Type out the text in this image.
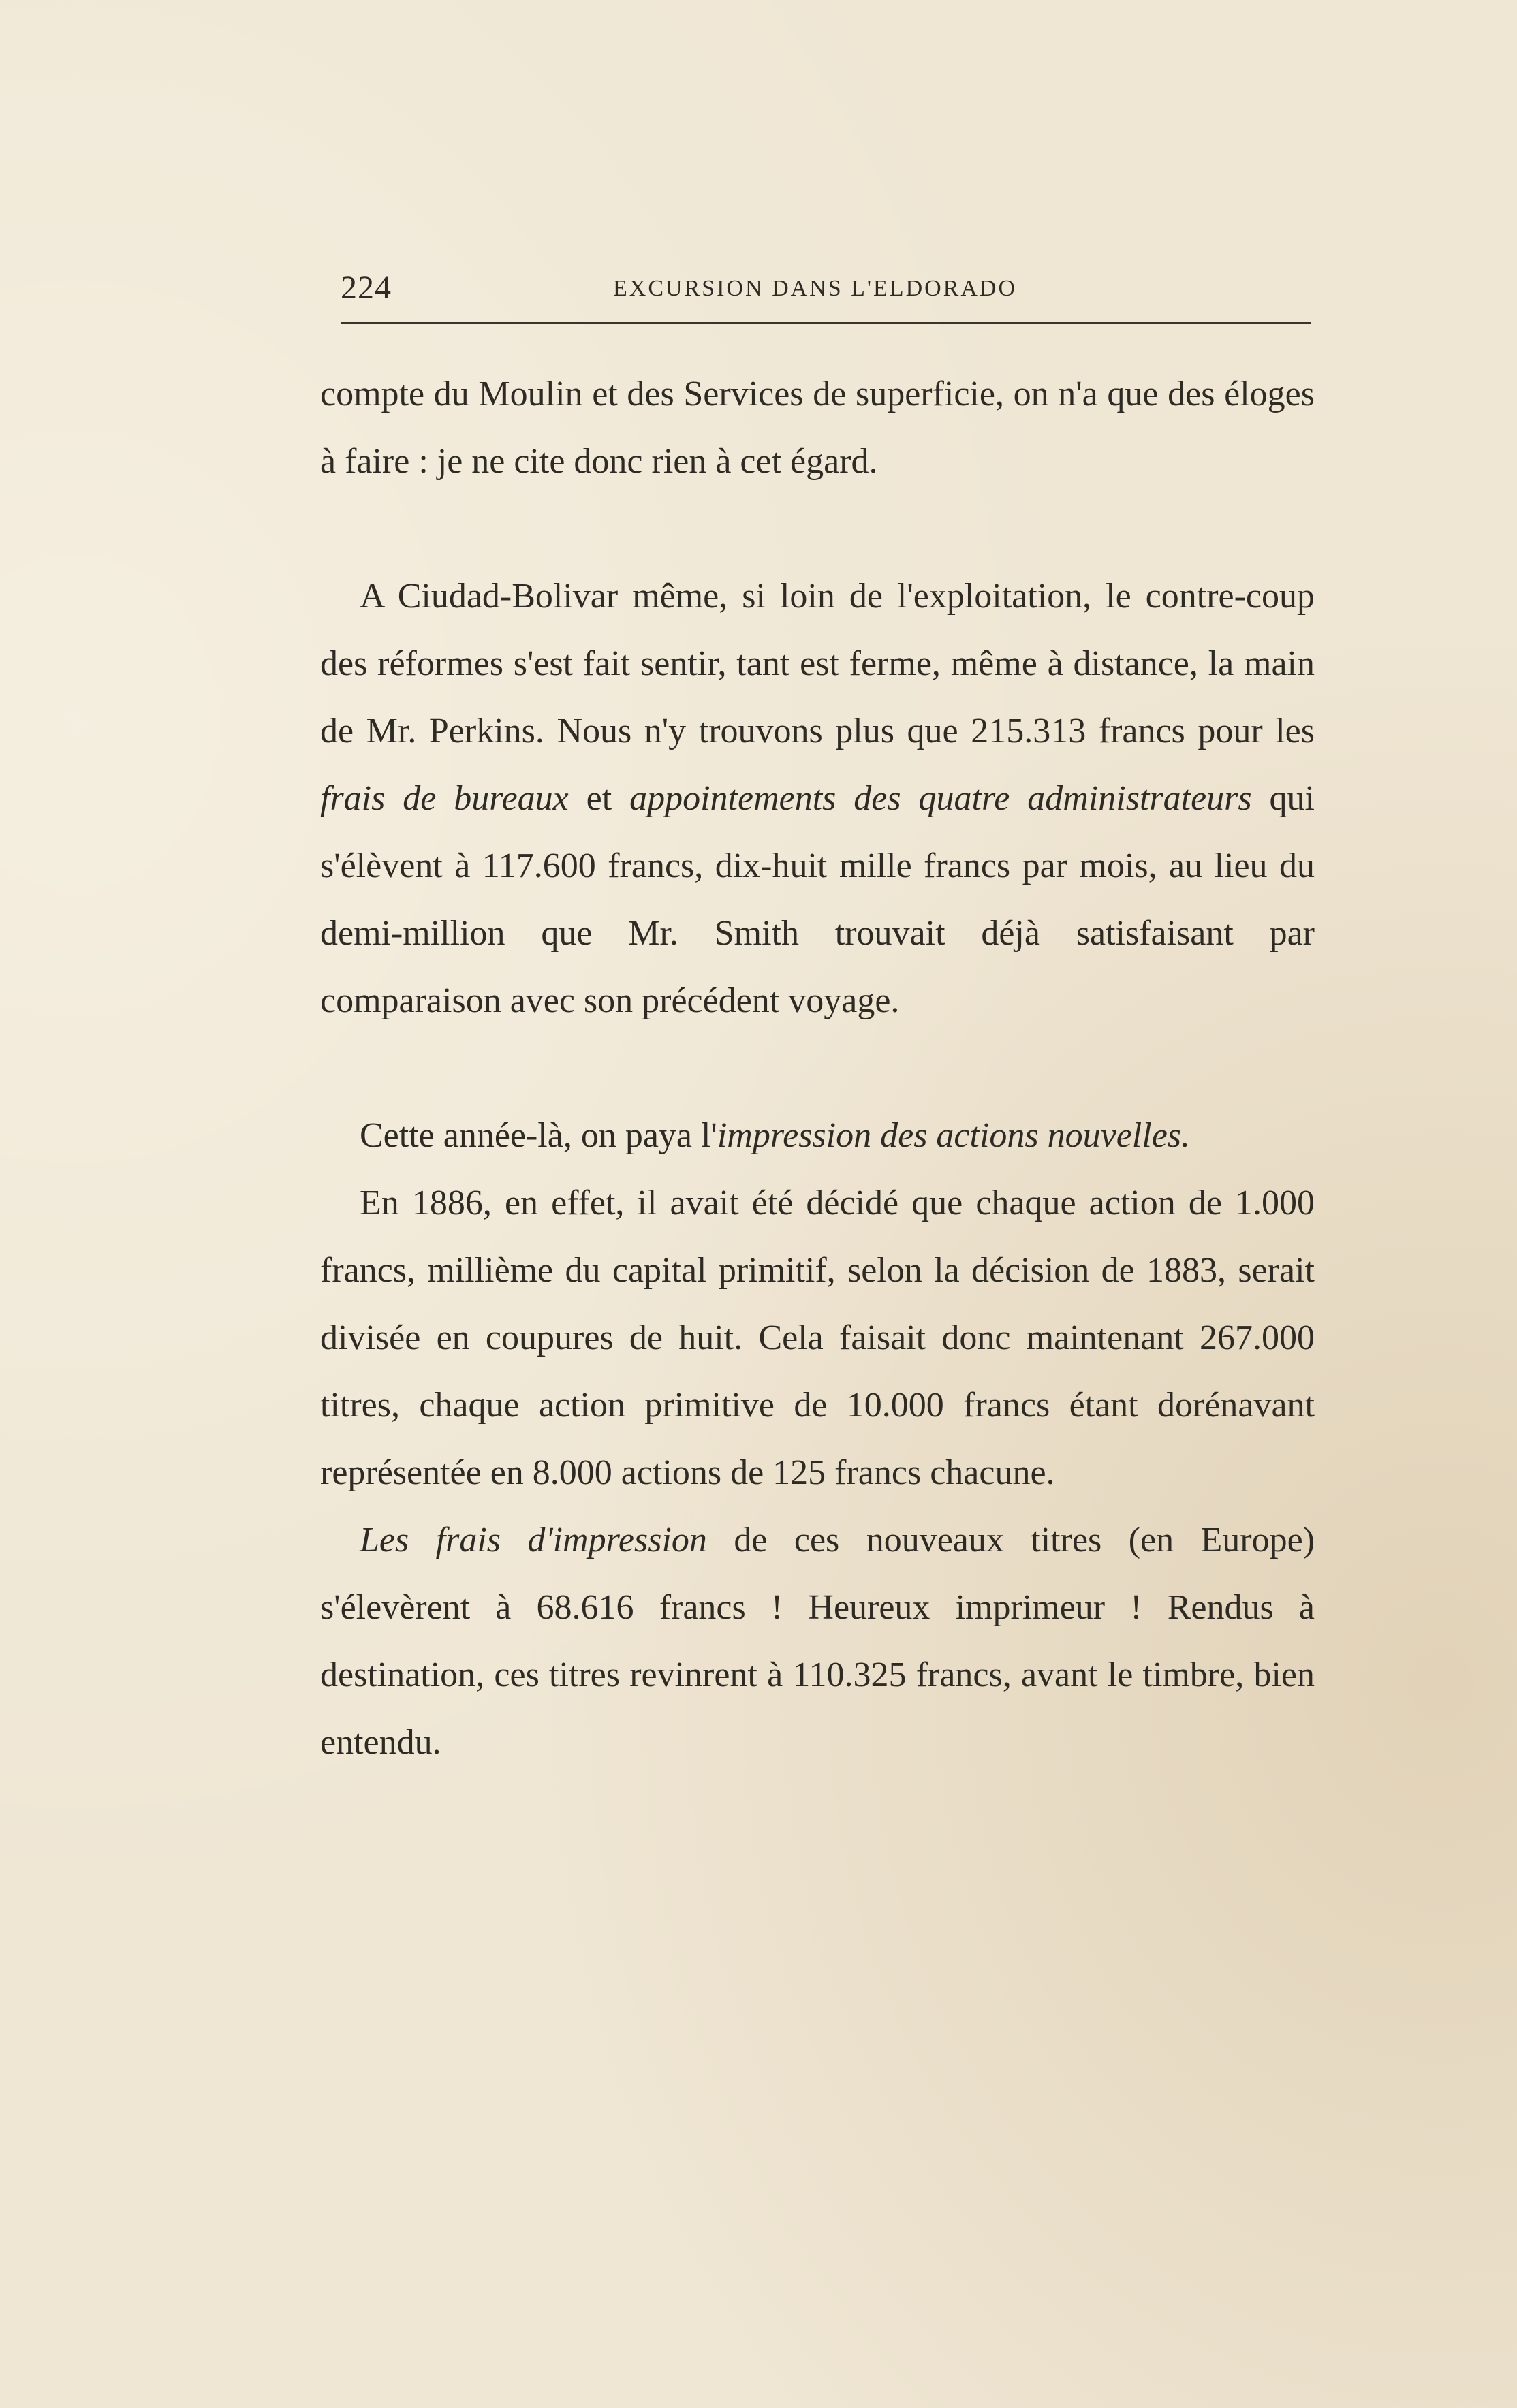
224	EXCURSION DANS L'ELDORADO

compte du Moulin et des Services de superficie, on n'a que des éloges à faire : je ne cite donc rien à cet égard.

A Ciudad-Bolivar même, si loin de l'exploitation, le contre-coup des réformes s'est fait sentir, tant est ferme, même à distance, la main de Mr. Perkins. Nous n'y trouvons plus que 215.313 francs pour les frais de bureaux et appointements des quatre administrateurs qui s'élèvent à 117.600 francs, dix-huit mille francs par mois, au lieu du demi-million que Mr. Smith trouvait déjà satisfaisant par comparaison avec son précédent voyage.

Cette année-là, on paya l'impression des actions nouvelles.

En 1886, en effet, il avait été décidé que chaque action de 1.000 francs, millième du capital primitif, selon la décision de 1883, serait divisée en coupures de huit. Cela faisait donc maintenant 267.000 titres, chaque action primitive de 10.000 francs étant dorénavant représentée en 8.000 actions de 125 francs chacune.

Les frais d'impression de ces nouveaux titres (en Europe) s'élevèrent à 68.616 francs ! Heureux imprimeur ! Rendus à destination, ces titres revinrent à 110.325 francs, avant le timbre, bien entendu.
